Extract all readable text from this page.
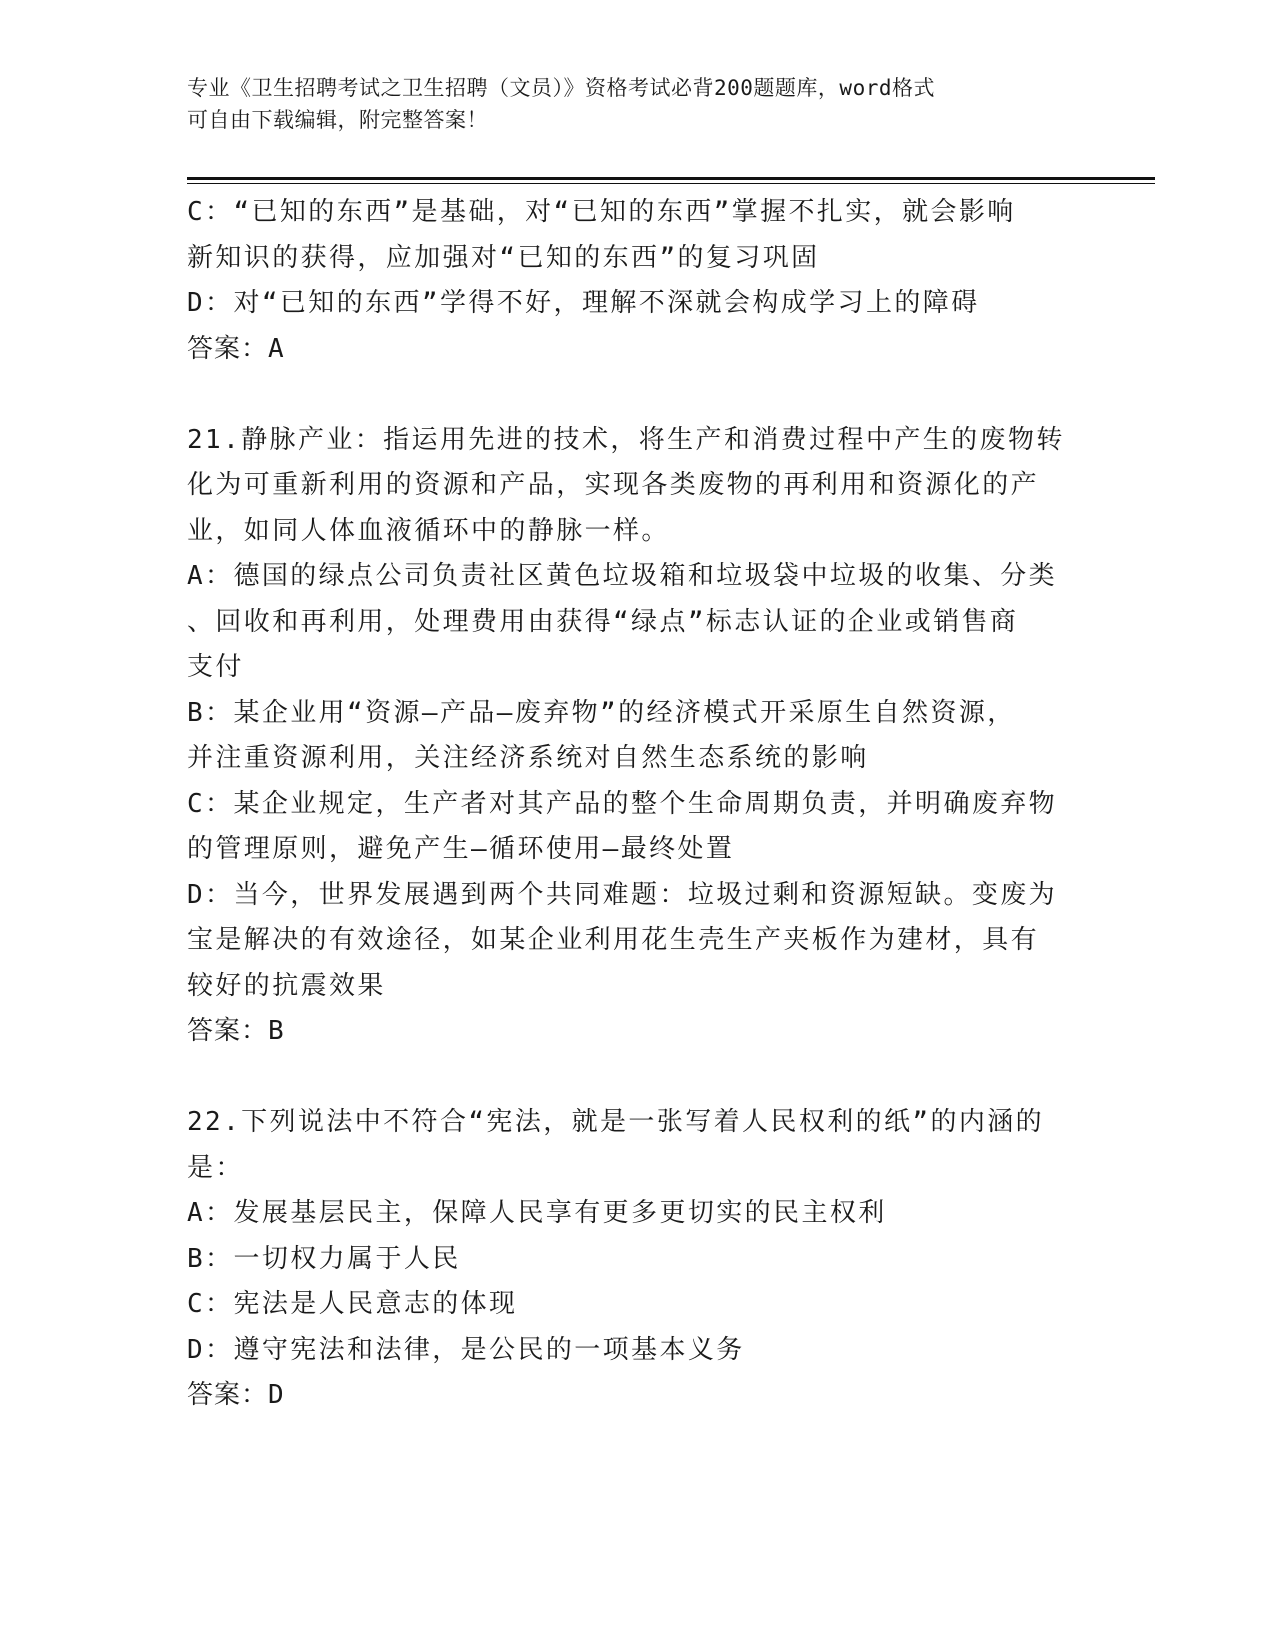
专业《卫生招聘考试之卫生招聘（文员）》资格考试必背200题题库，word格式
可自由下载编辑，附完整答案！
C：“已知的东西”是基础，对“已知的东西”掌握不扎实，就会影响
新知识的获得，应加强对“已知的东西”的复习巩固
D：对“已知的东西”学得不好，理解不深就会构成学习上的障碍
答案：A
21.静脉产业：指运用先进的技术，将生产和消费过程中产生的废物转
化为可重新利用的资源和产品，实现各类废物的再利用和资源化的产
业，如同人体血液循环中的静脉一样。
A：德国的绿点公司负责社区黄色垃圾箱和垃圾袋中垃圾的收集、分类
、回收和再利用，处理费用由获得“绿点”标志认证的企业或销售商
支付
B：某企业用“资源—产品—废弃物”的经济模式开采原生自然资源，
并注重资源利用，关注经济系统对自然生态系统的影响
C：某企业规定，生产者对其产品的整个生命周期负责，并明确废弃物
的管理原则，避免产生—循环使用—最终处置
D：当今，世界发展遇到两个共同难题：垃圾过剩和资源短缺。变废为
宝是解决的有效途径，如某企业利用花生壳生产夹板作为建材，具有
较好的抗震效果
答案：B
22.下列说法中不符合“宪法，就是一张写着人民权利的纸”的内涵的
是：
A：发展基层民主，保障人民享有更多更切实的民主权利
B：一切权力属于人民
C：宪法是人民意志的体现
D：遵守宪法和法律，是公民的一项基本义务
答案：D
